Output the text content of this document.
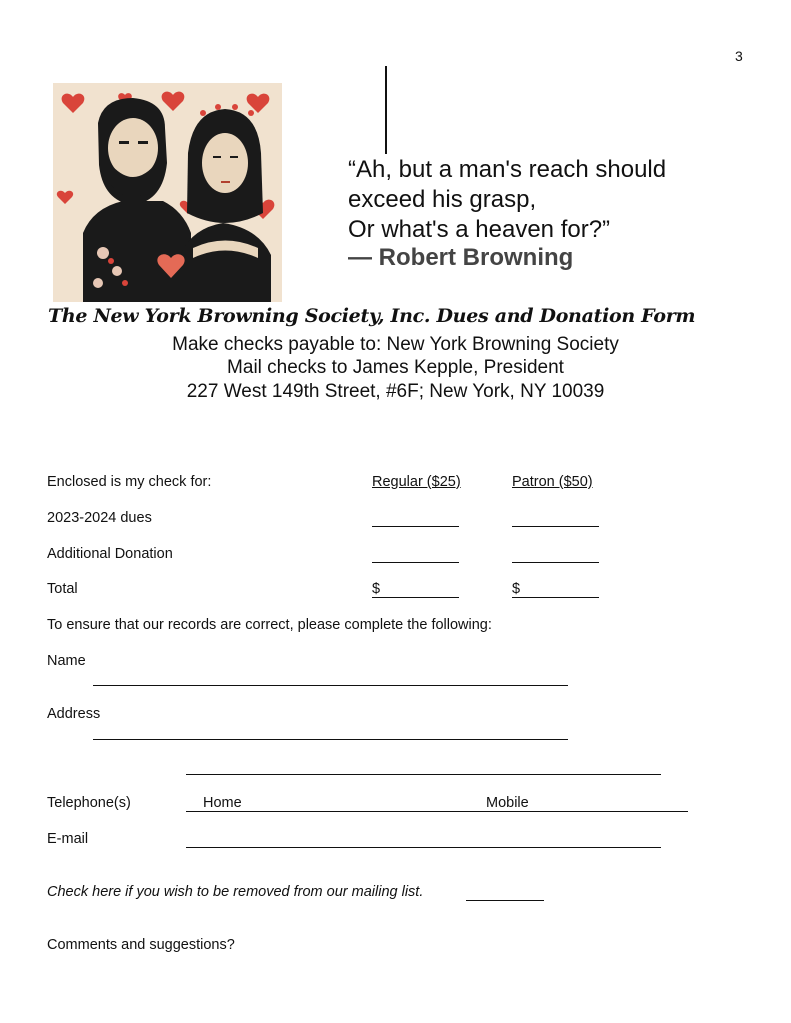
3
“Ah, but a man's reach should
exceed his grasp,
Or what's a heaven for?”
— Robert Browning
The New York Browning Society, Inc. Dues and Donation Form
Make checks payable to: New York Browning Society
Mail checks to James Kepple, President
227 West 149th Street, #6F; New York, NY 10039
Enclosed is my check for:	Regular ($25)	Patron ($50)
2023-2024 dues
Additional Donation
Total	$	$
To ensure that our records are correct, please complete the following:
Name
Address
Telephone(s)	Home	Mobile
E-mail
Check here if you wish to be removed from our mailing list.
Comments and suggestions?
